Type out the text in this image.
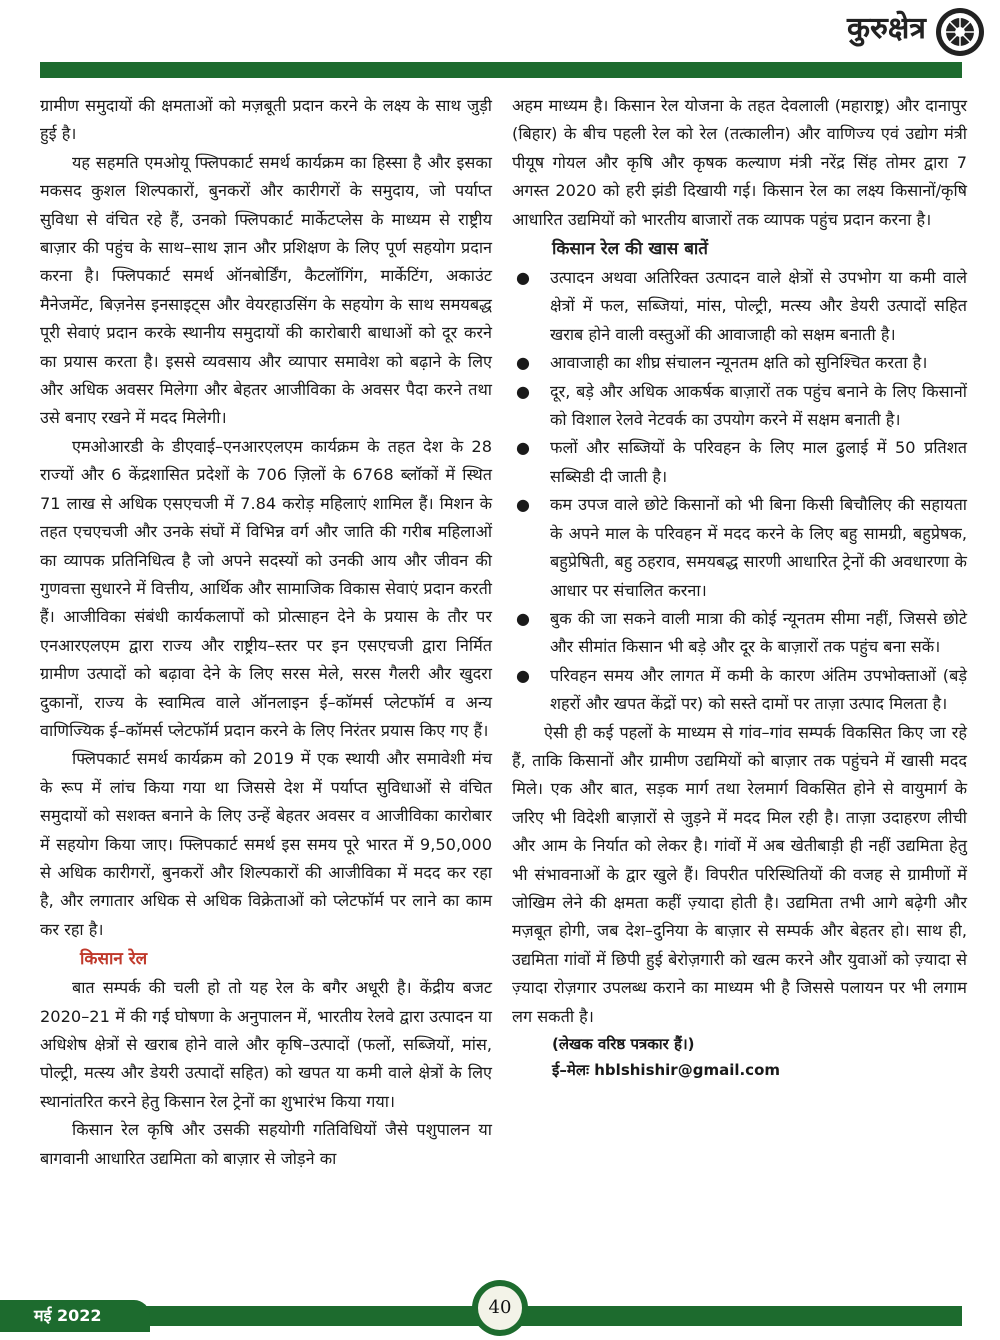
कुरुक्षेत्र

ग्रामीण समुदायों की क्षमताओं को मज़बूती प्रदान करने के लक्ष्य के साथ जुड़ी हुई है।

यह सहमति एमओयू फ्लिपकार्ट समर्थ कार्यक्रम का हिस्सा है और इसका मकसद कुशल शिल्पकारों, बुनकरों और कारीगरों के समुदाय, जो पर्याप्त सुविधा से वंचित रहे हैं, उनको फ्लिपकार्ट मार्केटप्लेस के माध्यम से राष्ट्रीय बाज़ार की पहुंच के साथ–साथ ज्ञान और प्रशिक्षण के लिए पूर्ण सहयोग प्रदान करना है। फ्लिपकार्ट समर्थ ऑनबोर्डिंग, कैटलॉगिंग, मार्केटिंग, अकाउंट मैनेजमेंट, बिज़नेस इनसाइट्स और वेयरहाउसिंग के सहयोग के साथ समयबद्ध पूरी सेवाएं प्रदान करके स्थानीय समुदायों की कारोबारी बाधाओं को दूर करने का प्रयास करता है। इससे व्यवसाय और व्यापार समावेश को बढ़ाने के लिए और अधिक अवसर मिलेगा और बेहतर आजीविका के अवसर पैदा करने तथा उसे बनाए रखने में मदद मिलेगी।

एमओआरडी के डीएवाई–एनआरएलएम कार्यक्रम के तहत देश के 28 राज्यों और 6 केंद्रशासित प्रदेशों के 706 ज़िलों के 6768 ब्लॉकों में स्थित 71 लाख से अधिक एसएचजी में 7.84 करोड़ महिलाएं शामिल हैं। मिशन के तहत एचएचजी और उनके संघों में विभिन्न वर्ग और जाति की गरीब महिलाओं का व्यापक प्रतिनिधित्व है जो अपने सदस्यों को उनकी आय और जीवन की गुणवत्ता सुधारने में वित्तीय, आर्थिक और सामाजिक विकास सेवाएं प्रदान करती हैं। आजीविका संबंधी कार्यकलापों को प्रोत्साहन देने के प्रयास के तौर पर एनआरएलएम द्वारा राज्य और राष्ट्रीय–स्तर पर इन एसएचजी द्वारा निर्मित ग्रामीण उत्पादों को बढ़ावा देने के लिए सरस मेले, सरस गैलरी और खुदरा दुकानों, राज्य के स्वामित्व वाले ऑनलाइन ई–कॉमर्स प्लेटफॉर्म व अन्य वाणिज्यिक ई–कॉमर्स प्लेटफॉर्म प्रदान करने के लिए निरंतर प्रयास किए गए हैं।

फ्लिपकार्ट समर्थ कार्यक्रम को 2019 में एक स्थायी और समावेशी मंच के रूप में लांच किया गया था जिससे देश में पर्याप्त सुविधाओं से वंचित समुदायों को सशक्त बनाने के लिए उन्हें बेहतर अवसर व आजीविका कारोबार में सहयोग किया जाए। फ्लिपकार्ट समर्थ इस समय पूरे भारत में 9,50,000 से अधिक कारीगरों, बुनकरों और शिल्पकारों की आजीविका में मदद कर रहा है, और लगातार अधिक से अधिक विक्रेताओं को प्लेटफॉर्म पर लाने का काम कर रहा है।

किसान रेल

बात सम्पर्क की चली हो तो यह रेल के बगैर अधूरी है। केंद्रीय बजट 2020–21 में की गई घोषणा के अनुपालन में, भारतीय रेलवे द्वारा उत्पादन या अधिशेष क्षेत्रों से खराब होने वाले और कृषि–उत्पादों (फलों, सब्जियों, मांस, पोल्ट्री, मत्स्य और डेयरी उत्पादों सहित) को खपत या कमी वाले क्षेत्रों के लिए स्थानांतरित करने हेतु किसान रेल ट्रेनों का शुभारंभ किया गया।

किसान रेल कृषि और उसकी सहयोगी गतिविधियों जैसे पशुपालन या बागवानी आधारित उद्यमिता को बाज़ार से जोड़ने का

अहम माध्यम है। किसान रेल योजना के तहत देवलाली (महाराष्ट्र) और दानापुर (बिहार) के बीच पहली रेल को रेल (तत्कालीन) और वाणिज्य एवं उद्योग मंत्री पीयूष गोयल और कृषि और कृषक कल्याण मंत्री नरेंद्र सिंह तोमर द्वारा 7 अगस्त 2020 को हरी झंडी दिखायी गई। किसान रेल का लक्ष्य किसानों/कृषि आधारित उद्यमियों को भारतीय बाजारों तक व्यापक पहुंच प्रदान करना है।

किसान रेल की खास बातें
● उत्पादन अथवा अतिरिक्त उत्पादन वाले क्षेत्रों से उपभोग या कमी वाले क्षेत्रों में फल, सब्जियां, मांस, पोल्ट्री, मत्स्य और डेयरी उत्पादों सहित खराब होने वाली वस्तुओं की आवाजाही को सक्षम बनाती है।
● आवाजाही का शीघ्र संचालन न्यूनतम क्षति को सुनिश्चित करता है।
● दूर, बड़े और अधिक आकर्षक बाज़ारों तक पहुंच बनाने के लिए किसानों को विशाल रेलवे नेटवर्क का उपयोग करने में सक्षम बनाती है।
● फलों और सब्जियों के परिवहन के लिए माल ढुलाई में 50 प्रतिशत सब्सिडी दी जाती है।
● कम उपज वाले छोटे किसानों को भी बिना किसी बिचौलिए की सहायता के अपने माल के परिवहन में मदद करने के लिए बहु सामग्री, बहुप्रेषक, बहुप्रेषिती, बहु ठहराव, समयबद्ध सारणी आधारित ट्रेनों की अवधारणा के आधार पर संचालित करना।
● बुक की जा सकने वाली मात्रा की कोई न्यूनतम सीमा नहीं, जिससे छोटे और सीमांत किसान भी बड़े और दूर के बाज़ारों तक पहुंच बना सकें।
● परिवहन समय और लागत में कमी के कारण अंतिम उपभोक्ताओं (बड़े शहरों और खपत केंद्रों पर) को सस्ते दामों पर ताज़ा उत्पाद मिलता है।

ऐसी ही कई पहलों के माध्यम से गांव–गांव सम्पर्क विकसित किए जा रहे हैं, ताकि किसानों और ग्रामीण उद्यमियों को बाज़ार तक पहुंचने में खासी मदद मिले। एक और बात, सड़क मार्ग तथा रेलमार्ग विकसित होने से वायुमार्ग के जरिए भी विदेशी बाज़ारों से जुड़ने में मदद मिल रही है। ताज़ा उदाहरण लीची और आम के निर्यात को लेकर है। गांवों में अब खेतीबाड़ी ही नहीं उद्यमिता हेतु भी संभावनाओं के द्वार खुले हैं। विपरीत परिस्थितियों की वजह से ग्रामीणों में जोखिम लेने की क्षमता कहीं ज़्यादा होती है। उद्यमिता तभी आगे बढ़ेगी और मज़बूत होगी, जब देश–दुनिया के बाज़ार से सम्पर्क और बेहतर हो। साथ ही, उद्यमिता गांवों में छिपी हुई बेरोज़गारी को खत्म करने और युवाओं को ज़्यादा से ज़्यादा रोज़गार उपलब्ध कराने का माध्यम भी है जिससे पलायन पर भी लगाम लग सकती है।

(लेखक वरिष्ठ पत्रकार हैं।)
ई–मेलः hblshishir@gmail.com
मई 2022	40
